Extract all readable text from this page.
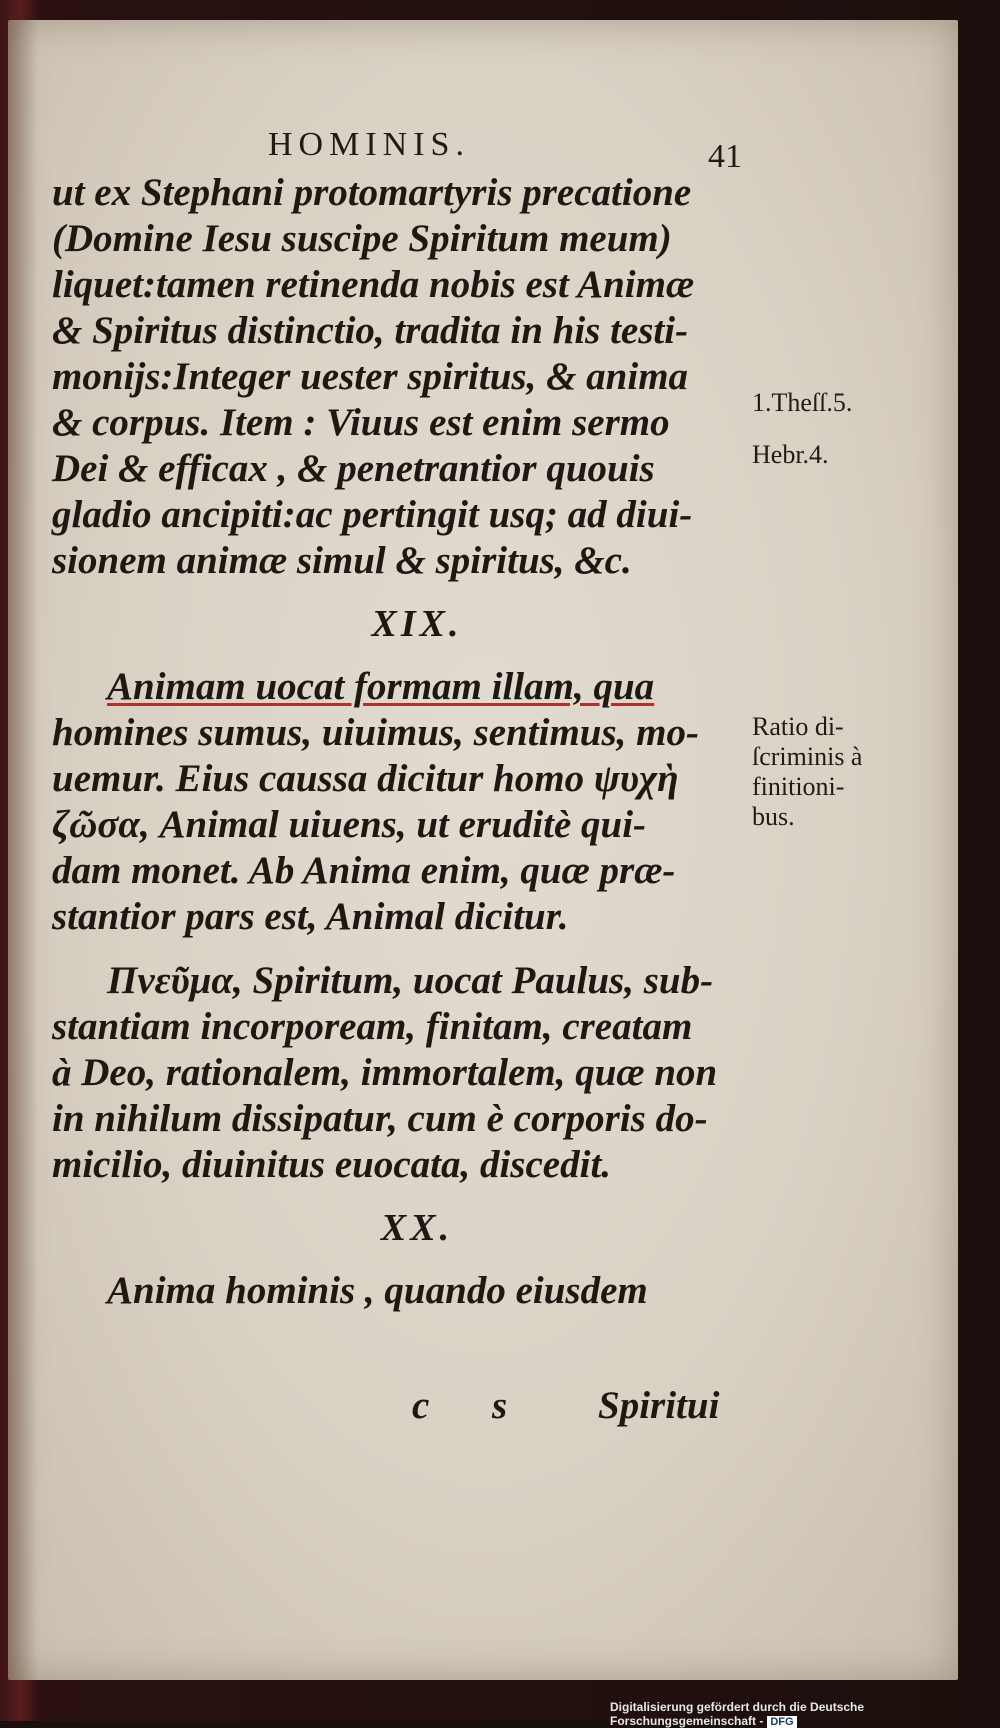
HOMINIS.	41
ut ex Stephani protomartyris precatione
(Domine Iesu suscipe Spiritum meum)
liquet:tamen retinenda nobis est Animæ
& Spiritus distinctio, tradita in his testi-
monijs:Integer uester spiritus, & anima
& corpus. Item : Viuus est enim sermo
Dei & efficax , & penetrantior quouis
gladio ancipiti:ac pertingit usq; ad diui-
sionem animæ simul & spiritus, &c.
XIX.
Animam uocat formam illam, qua
homines sumus, uiuimus, sentimus, mo-
uemur. Eius caussa dicitur homo ψυχὴ
ζῶσα, Animal uiuens, ut eruditè qui-
dam monet. Ab Anima enim, quæ præ-
stantior pars est, Animal dicitur.
Πνεῦμα, Spiritum, uocat Paulus, sub-
stantiam incorpoream, finitam, creatam
à Deo, rationalem, immortalem, quæ non
in nihilum dissipatur, cum è corporis do-
micilio, diuinitus euocata, discedit.
XX.
Anima hominis , quando eiusdem
c s Spiritui
1.Theſſ.5.
Hebr.4.
Ratio di-
ſcriminis à
finitioni-
bus.
Digitalisierung gefördert durch die Deutsche Forschungsgemeinschaft - DFG
